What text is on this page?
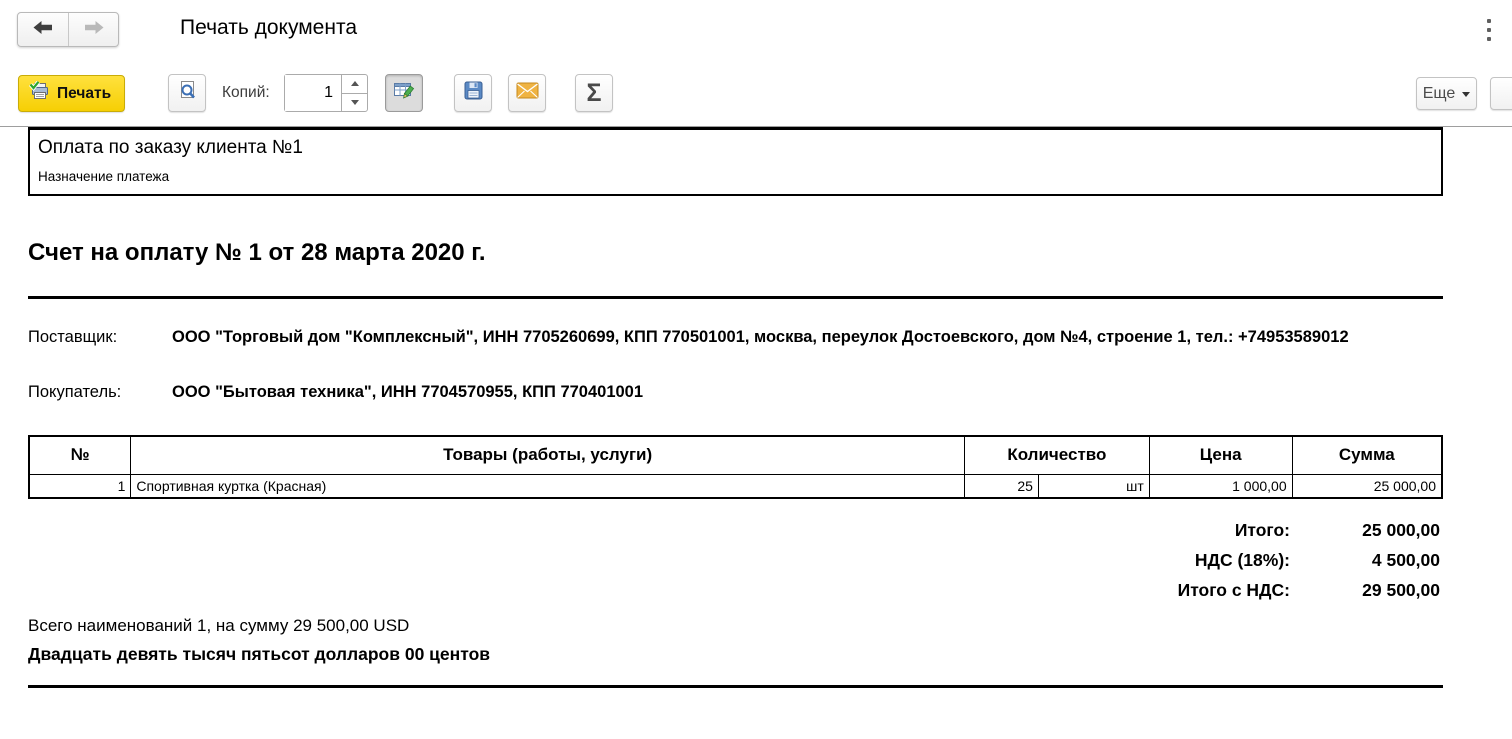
Печать документа
Печать	Копий:
1	Σ	Еще
Оплата по заказу клиента №1
Назначение платежа
Счет на оплату № 1 от 28 марта 2020 г.
Поставщик:	ООО "Торговый дом "Комплексный", ИНН 7705260699, КПП 770501001, москва, переулок Достоевского, дом №4, строение 1, тел.: +74953589012
Покупатель:	ООО "Бытовая техника", ИНН 7704570955, КПП 770401001
№	Товары (работы, услуги)	Количество		Цена	Сумма
1	Спортивная куртка (Красная)	25	шт	1 000,00	25 000,00
Итого:	25 000,00
НДС (18%):	4 500,00
Итого с НДС:	29 500,00
Всего наименований 1, на сумму 29 500,00 USD
Двадцать девять тысяч пятьсот долларов 00 центов
